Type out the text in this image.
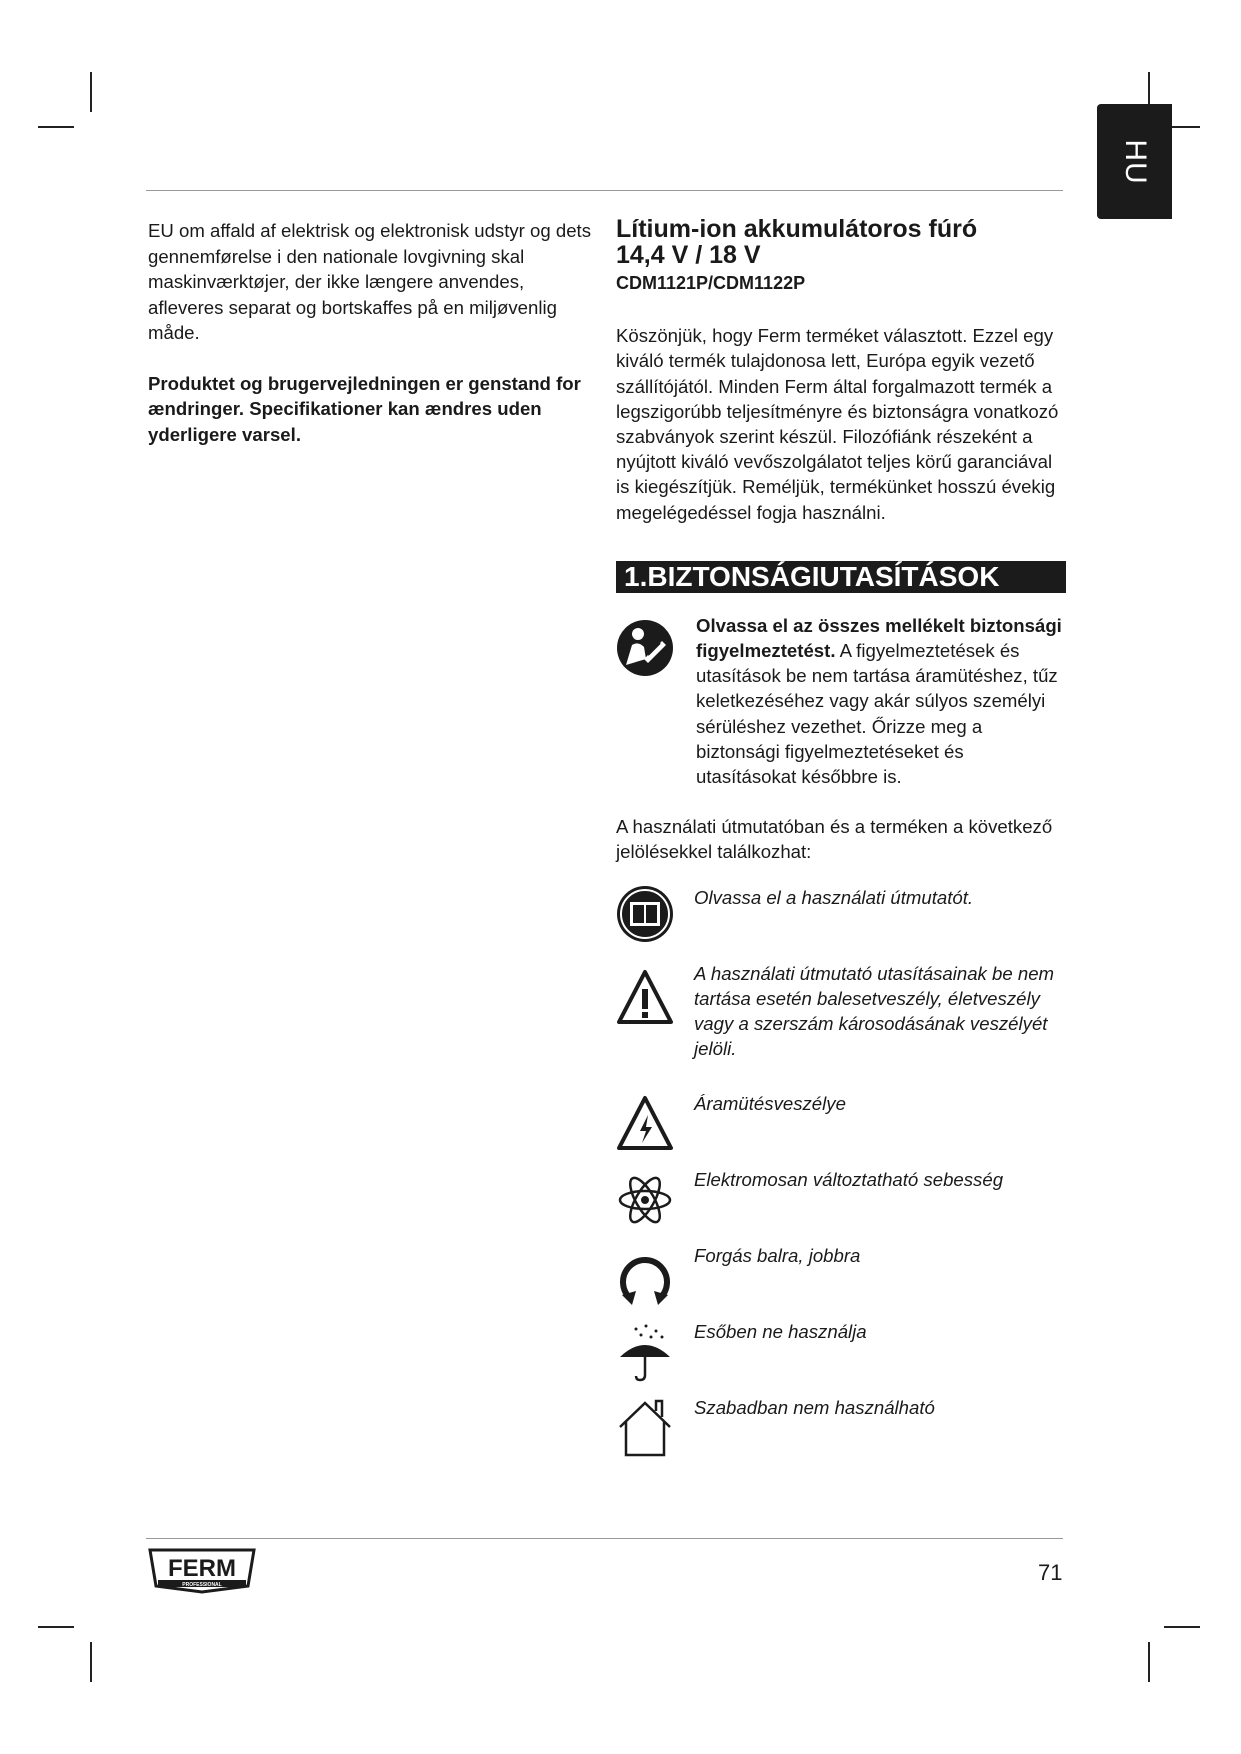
HU

EU om affald af elektrisk og elektronisk udstyr og dets gennemførelse i den nationale lovgivning skal maskinværktøjer, der ikke længere anvendes, afleveres separat og bortskaffes på en miljøvenlig måde.

Produktet og brugervejledningen er genstand for ændringer. Specifikationer kan ændres uden yderligere varsel.

Lítium-ion akkumulátoros fúró
14,4 V / 18 V

CDM1121P/CDM1122P

Köszönjük, hogy Ferm terméket választott. Ezzel egy kiváló termék tulajdonosa lett, Európa egyik vezető szállítójától. Minden Ferm által forgalmazott termék a legszigorúbb teljesítményre és biztonságra vonatkozó szabványok szerint készül. Filozófiánk részeként a nyújtott kiváló vevőszolgálatot teljes körű garanciával is kiegészítjük. Reméljük, termékünket hosszú évekig megelégedéssel fogja használni.

1.BIZTONSÁGIUTASÍTÁSOK

Olvassa el az összes mellékelt biztonsági figyelmeztetést. A figyelmeztetések és utasítások be nem tartása áramütéshez, tűz keletkezéséhez vagy akár súlyos személyi sérüléshez vezethet. Őrizze meg a biztonsági figyelmeztetéseket és utasításokat későbbre is.

A használati útmutatóban és a terméken a következő jelölésekkel találkozhat:

Olvassa el a használati útmutatót.
A használati útmutató utasításainak be nem tartása esetén balesetveszély, életveszély vagy a szerszám károsodásának veszélyét jelöli.
Áramütésveszélye
Elektromosan változtatható sebesség
Forgás balra, jobbra
Esőben ne használja
Szabadban nem használható
FERM
PROFESSIONAL	71
